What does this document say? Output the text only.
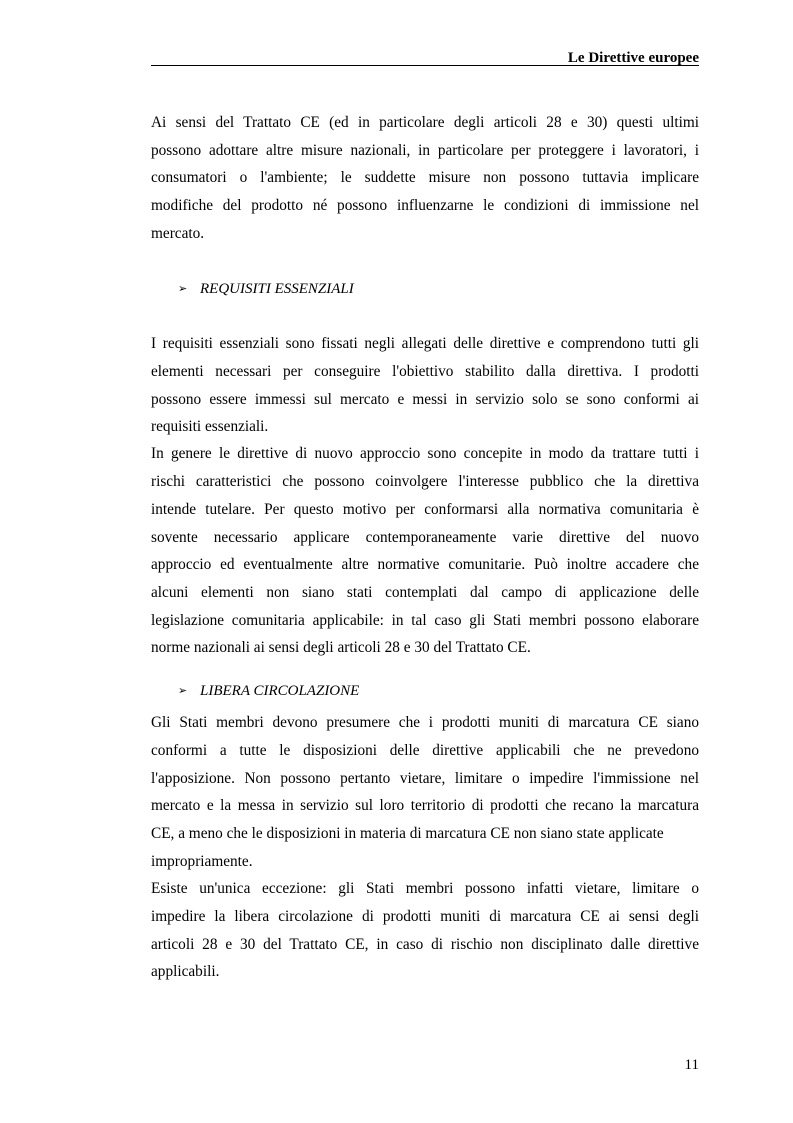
Le Direttive europee
Ai sensi del Trattato CE (ed in particolare degli articoli 28 e 30) questi ultimi
possono adottare altre misure nazionali, in particolare per proteggere i lavoratori, i
consumatori o l'ambiente; le suddette misure non possono tuttavia implicare
modifiche del prodotto né possono influenzarne le condizioni di immissione nel
mercato.
➢ REQUISITI ESSENZIALI
I requisiti essenziali sono fissati negli allegati delle direttive e comprendono tutti gli
elementi necessari per conseguire l'obiettivo stabilito dalla direttiva. I prodotti
possono essere immessi sul mercato e messi in servizio solo se sono conformi ai
requisiti essenziali.
In genere le direttive di nuovo approccio sono concepite in modo da trattare tutti i
rischi caratteristici che possono coinvolgere l'interesse pubblico che la direttiva
intende tutelare. Per questo motivo per conformarsi alla normativa comunitaria è
sovente necessario applicare contemporaneamente varie direttive del nuovo
approccio ed eventualmente altre normative comunitarie. Può inoltre accadere che
alcuni elementi non siano stati contemplati dal campo di applicazione delle
legislazione comunitaria applicabile: in tal caso gli Stati membri possono elaborare
norme nazionali ai sensi degli articoli 28 e 30 del Trattato CE.
➢ LIBERA CIRCOLAZIONE
Gli Stati membri devono presumere che i prodotti muniti di marcatura CE siano
conformi a tutte le disposizioni delle direttive applicabili che ne prevedono
l'apposizione. Non possono pertanto vietare, limitare o impedire l'immissione nel
mercato e la messa in servizio sul loro territorio di prodotti che recano la marcatura
CE, a meno che le disposizioni in materia di marcatura CE non siano state applicate
impropriamente.
Esiste un'unica eccezione: gli Stati membri possono infatti vietare, limitare o
impedire la libera circolazione di prodotti muniti di marcatura CE ai sensi degli
articoli 28 e 30 del Trattato CE, in caso di rischio non disciplinato dalle direttive
applicabili.
11
